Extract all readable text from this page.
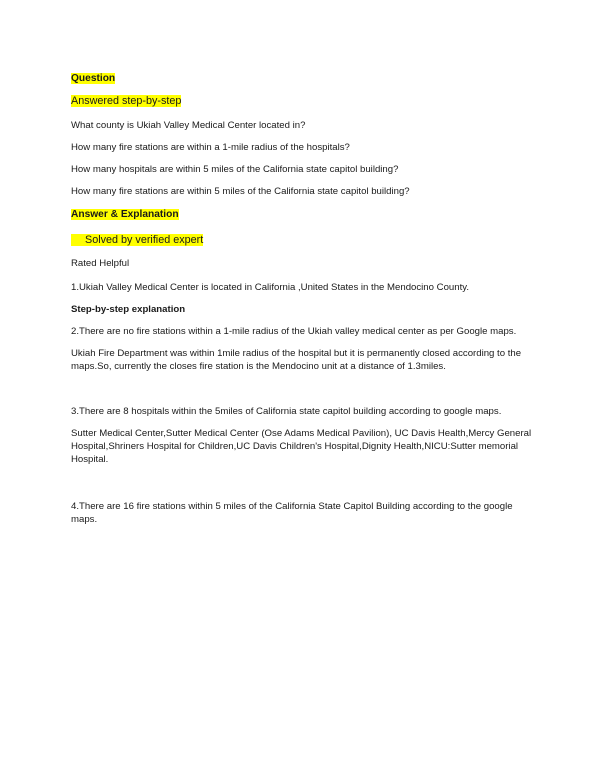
Question
Answered step-by-step
What county is Ukiah Valley Medical Center located in?
How many fire stations are within a 1-mile radius of the hospitals?
How many hospitals are within 5 miles of the California state capitol building?
How many fire stations are within 5 miles of the California state capitol building?
Answer & Explanation
Solved by verified expert
Rated Helpful
1.Ukiah Valley Medical Center is located in California ,United States in the Mendocino County.
Step-by-step explanation
2.There are no fire stations within a 1-mile radius of the Ukiah valley medical center as per Google maps.
Ukiah Fire Department was within 1mile radius of the hospital but it is permanently closed according to the maps.So, currently the closes fire station is the Mendocino unit at a distance of 1.3miles.
3.There are 8 hospitals within the 5miles of California state capitol building according to google maps.
Sutter Medical Center,Sutter Medical Center (Ose Adams Medical Pavilion), UC Davis Health,Mercy General Hospital,Shriners Hospital for Children,UC Davis Children's Hospital,Dignity Health,NICU:Sutter memorial Hospital.
4.There are 16 fire stations within 5 miles of the California State Capitol Building according to the google maps.
